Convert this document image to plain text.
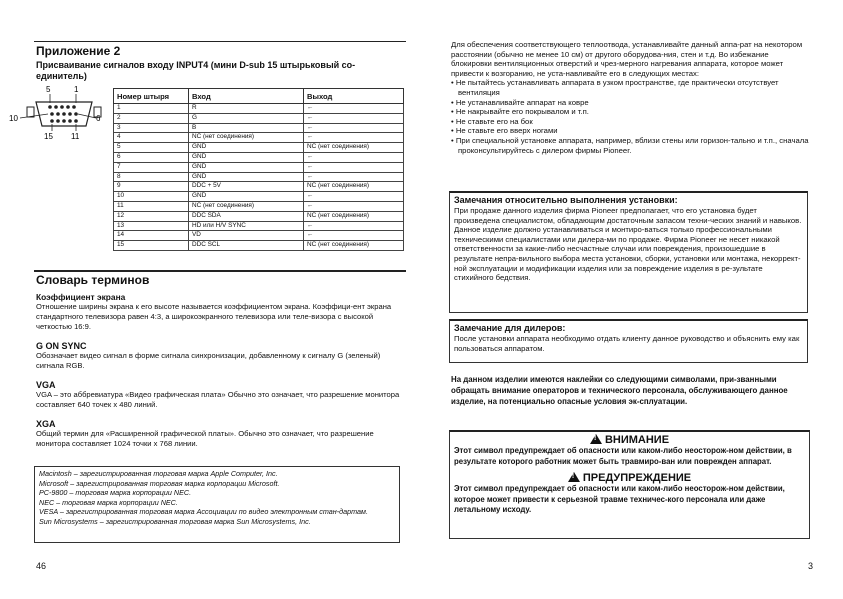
Приложение 2
Присваивание сигналов входу INPUT4 (мини D-sub 15 штырьковый со-единитель)
5	1
10	6
15 11
Номер штыря	Вход	Выход
1	R	←
2	G	←
3	B	←
4	NC (нет соединения)	←
5	GND	NC (нет соединения)
6	GND	←
7	GND	←
8	GND	←
9	DDC + 5V	NC (нет соединения)
10	GND	←
11	NC (нет соединения)	←
12	DDC SDA	NC (нет соединения)
13	HD или H/V SYNC	←
14	VD	←
15	DDC SCL	NC (нет соединения)
Словарь терминов
Коэффициент экрана
Отношение ширины экрана к его высоте называется коэффициентом экрана. Коэффици-ент экрана стандартного телевизора равен 4:3, а широкоэкранного телевизора или теле-визора с высокой четкостью 16:9.
G ON SYNC
Обозначает видео сигнал в форме сигнала синхронизации, добавленному к сигналу G (зеленый) сигнала RGB.
VGA
VGA – это аббревиатура «Видео графическая плата» Обычно это означает, что разрешение монитора составляет 640 точек х 480 линий.
XGA
Общий термин для «Расширенной графической платы». Обычно это означает, что разрешение монитора составляет 1024 точки х 768 линии.
Macintosh – зарегистрированная торговая марка Apple Computer, Inc.
Microsoft – зарегистрированная торговая марка корпорации Microsoft.
PC-9800 – торговая марка корпорации NEC.
NEC – торговая марка корпорации NEC.
VESA – зарегистрированная торговая марка Ассоциации по видео электронным стан-дартам.
Sun Microsystems – зарегистрированная торговая марка Sun Microsystems, Inc.
46
Для обеспечения соответствующего теплоотвода, устанавливайте данный аппа-рат на некотором расстоянии (обычно не менее 10 см) от другого оборудова-ния, стен и т.д. Во избежание блокировки вентиляционных отверстий и чрез-мерного нагревания аппарата, которое может привести к возгоранию, не уста-навливайте его в следующих местах:
• Не пытайтесь устанавливать аппарата в узком пространстве, где практически отсутствует вентиляция
• Не устанавливайте аппарат на ковре
• Не накрывайте его покрывалом и т.п.
• Не ставьте его на бок
• Не ставьте его вверх ногами
• При специальной установке аппарата, например, вблизи стены или горизон-тально и т.п., сначала проконсультируйтесь с дилером фирмы Pioneer.
Замечания относительно выполнения установки:
При продаже данного изделия фирма Pioneer предполагает, что его установка будет произведена специалистом, обладающим достаточным запасом техни-ческих знаний и навыков. Данное изделие должно устанавливаться и монтиро-ваться только профессиональными техническими специалистами или дилера-ми по продаже. Фирма Pioneer не несет никакой ответственности за какие-либо несчастные случаи или повреждения, произошедшие в результате непра-вильного выбора места установки, сборки, установки или монтажа, некоррект-ной эксплуатации и модификации изделия или за повреждение изделия в ре-зультате стихийного бедствия.
Замечание для дилеров:
После установки аппарата необходимо отдать клиенту данное руководство и объяснить ему как пользоваться аппаратом.
На данном изделии имеются наклейки со следующими символами, при-званными обращать внимание операторов и технического персонала, обслуживающего данное изделие, на потенциально опасные условия эк-сплуатации.
!ВНИМАНИЕ
Этот символ предупреждает об опасности или каком-либо неосторож-ном действии, в результате которого работник может быть травмиро-ван или поврежден аппарат.
!ПРЕДУПРЕЖДЕНИЕ
Этот символ предупреждает об опасности или каком-либо неосторож-ном действии, которое может привести к серьезной травме техничес-кого персонала или даже летальному исходу.
3
